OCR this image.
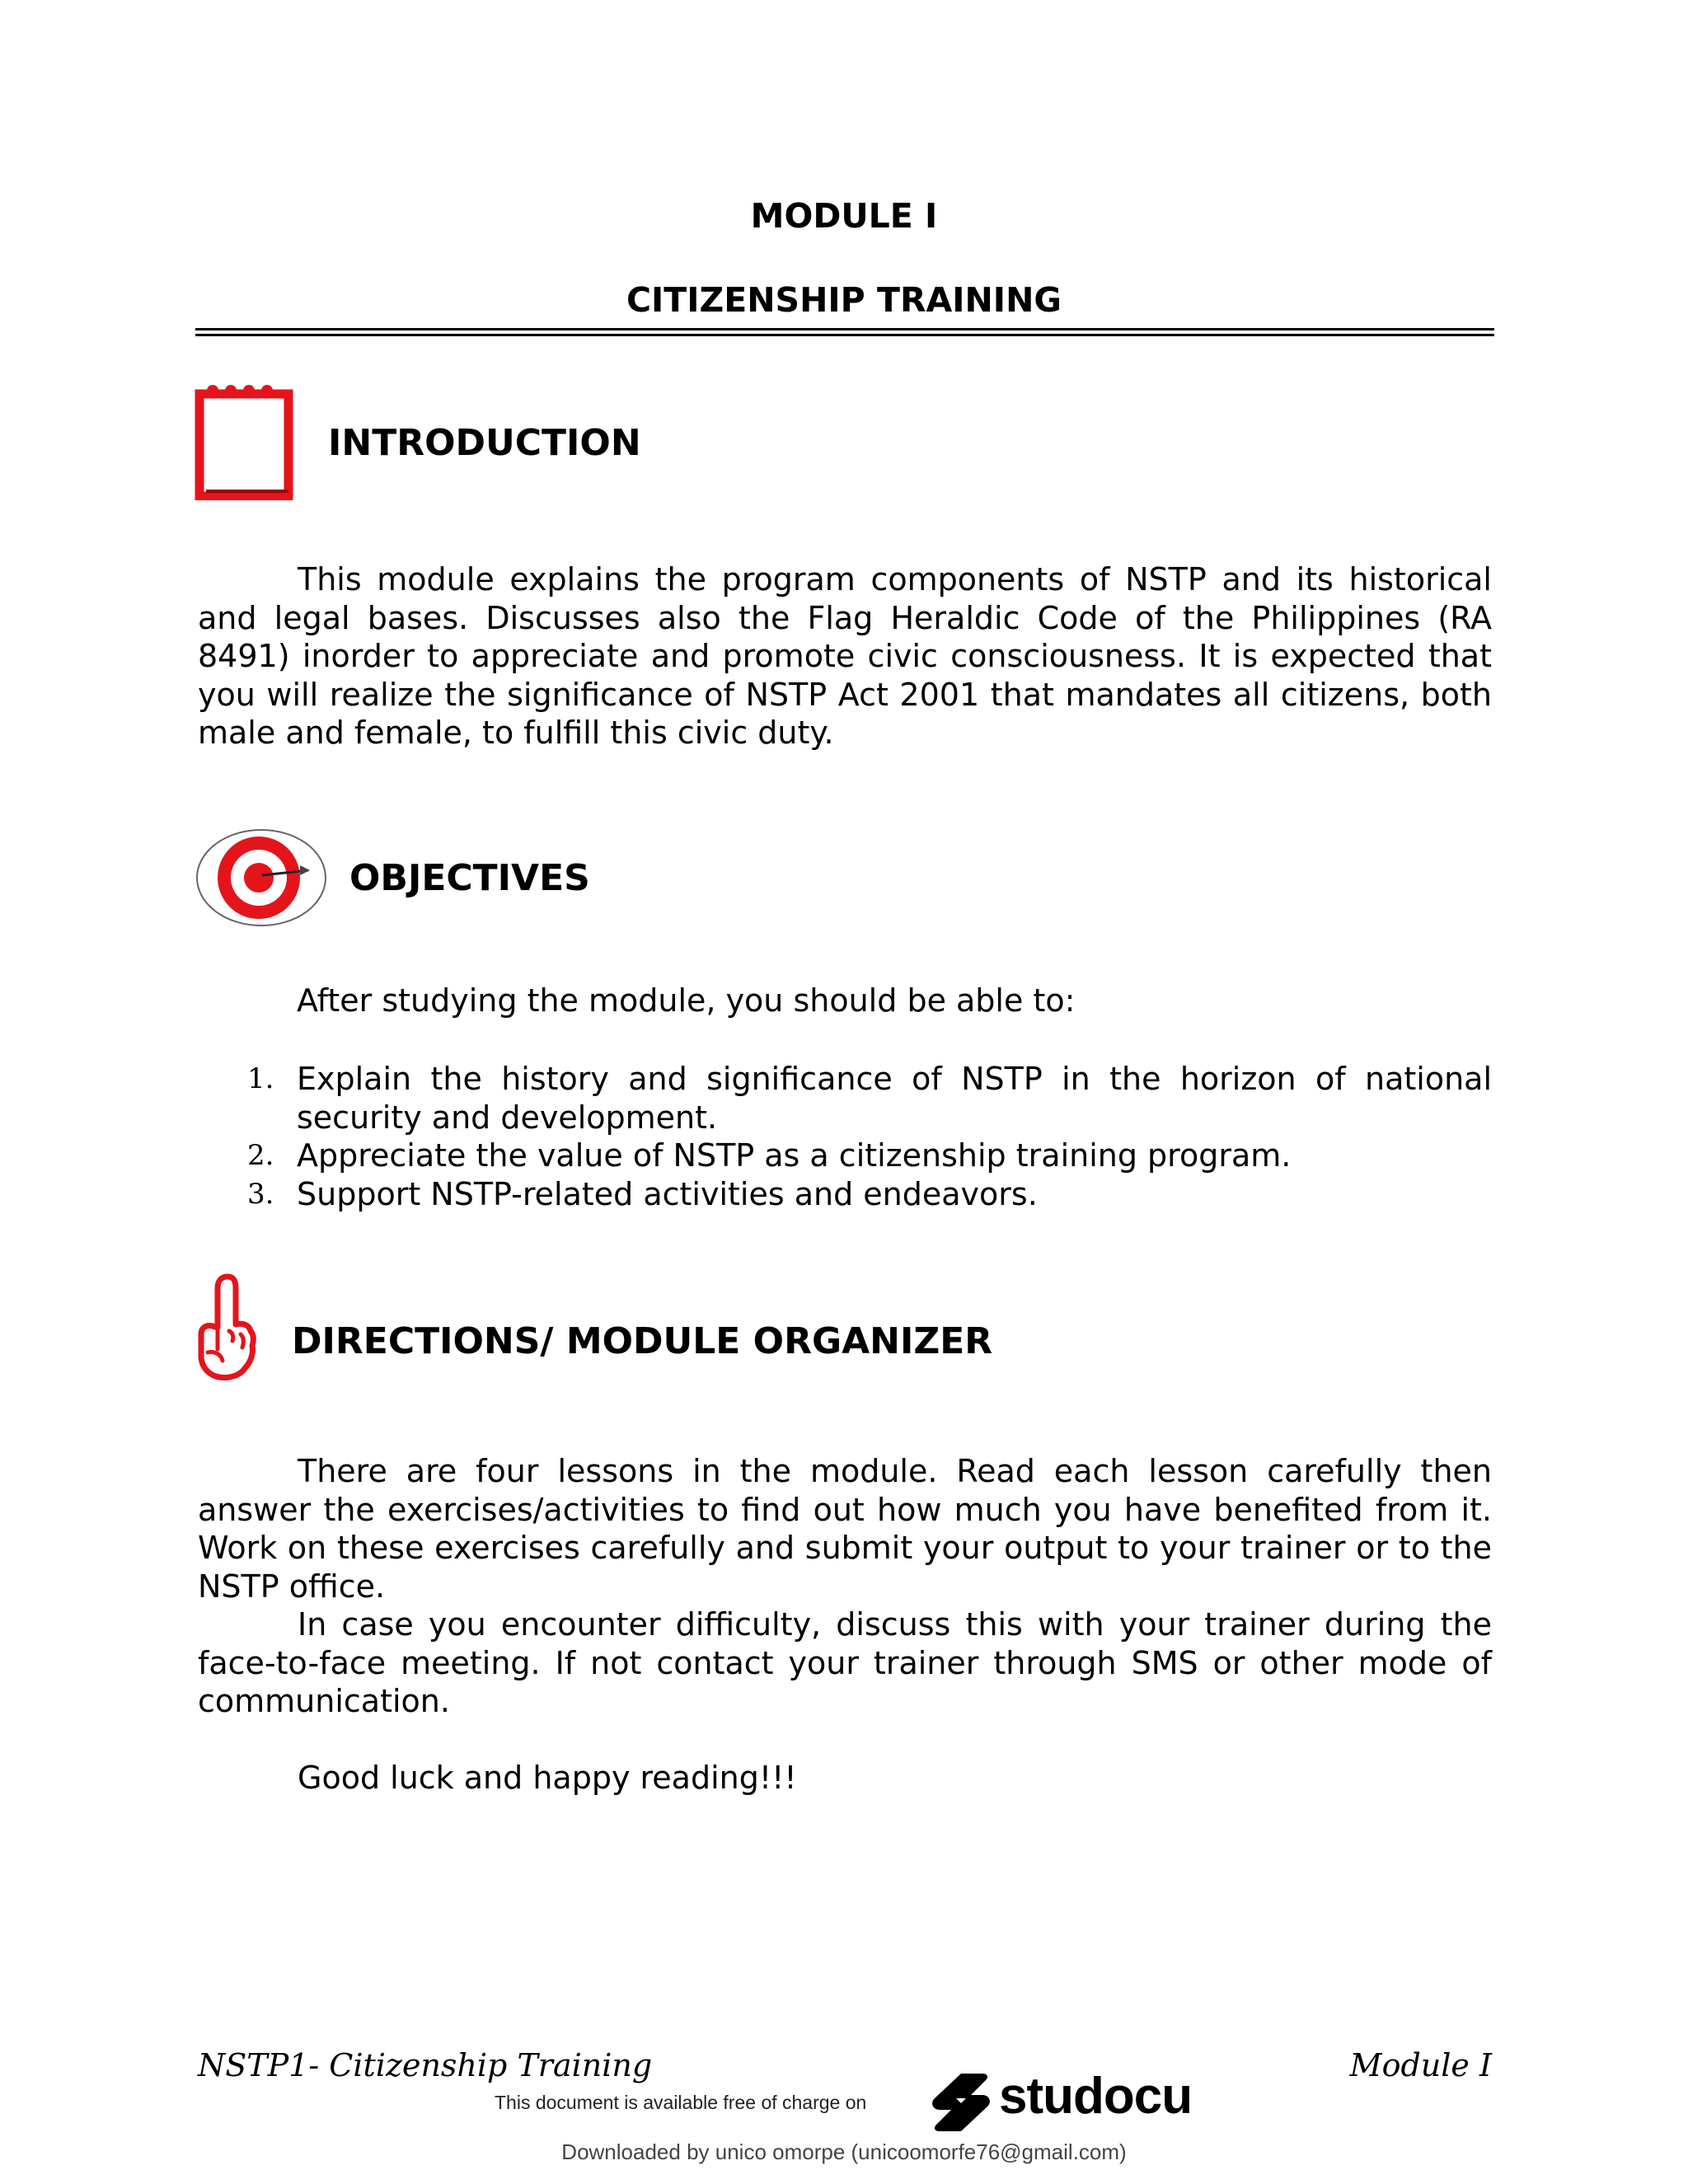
MODULE I
CITIZENSHIP TRAINING
INTRODUCTION

This module explains the program components of NSTP and its historical and legal bases. Discusses also the Flag Heraldic Code of the Philippines (RA 8491) inorder to appreciate and promote civic consciousness. It is expected that you will realize the significance of NSTP Act 2001 that mandates all citizens, both male and female, to fulfill this civic duty.

OBJECTIVES
After studying the module, you should be able to:
1. Explain the history and significance of NSTP in the horizon of national security and development.
2. Appreciate the value of NSTP as a citizenship training program.
3. Support NSTP-related activities and endeavors.
DIRECTIONS/ MODULE ORGANIZER

There are four lessons in the module. Read each lesson carefully then answer the exercises/activities to find out how much you have benefited from it. Work on these exercises carefully and submit your output to your trainer or to the NSTP office.

In case you encounter difficulty, discuss this with your trainer during the face-to-face meeting. If not contact your trainer through SMS or other mode of communication.

Good luck and happy reading!!!

NSTP1- Citizenship Training	Module I
This document is available free of charge on	studocu
Downloaded by unico omorpe (unicoomorfe76@gmail.com)
